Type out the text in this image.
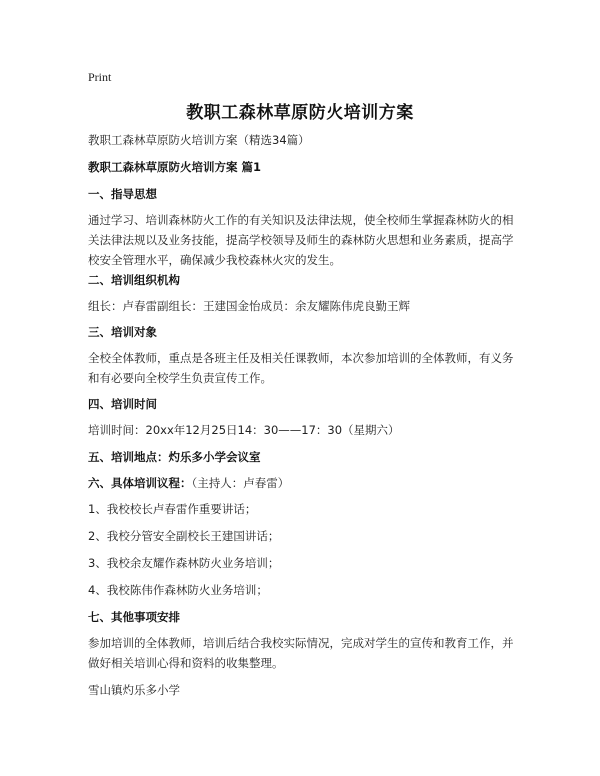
Print
教职工森林草原防火培训方案
教职工森林草原防火培训方案（精选34篇）
教职工森林草原防火培训方案 篇1
一、指导思想
通过学习、培训森林防火工作的有关知识及法律法规，使全校师生掌握森林防火的相关法律法规以及业务技能，提高学校领导及师生的森林防火思想和业务素质，提高学校安全管理水平，确保减少我校森林火灾的发生。
二、培训组织机构
组长：卢春雷副组长：王建国金怡成员：余友耀陈伟虎良勤王辉
三、培训对象
全校全体教师，重点是各班主任及相关任课教师，本次参加培训的全体教师，有义务和有必要向全校学生负责宣传工作。
四、培训时间
培训时间：20xx年12月25日14：30——17：30（星期六）
五、培训地点：灼乐多小学会议室
六、具体培训议程：（主持人：卢春雷）
1、我校校长卢春雷作重要讲话；
2、我校分管安全副校长王建国讲话；
3、我校余友耀作森林防火业务培训；
4、我校陈伟作森林防火业务培训；
七、其他事项安排
参加培训的全体教师，培训后结合我校实际情况，完成对学生的宣传和教育工作，并做好相关培训心得和资料的收集整理。
雪山镇灼乐多小学
